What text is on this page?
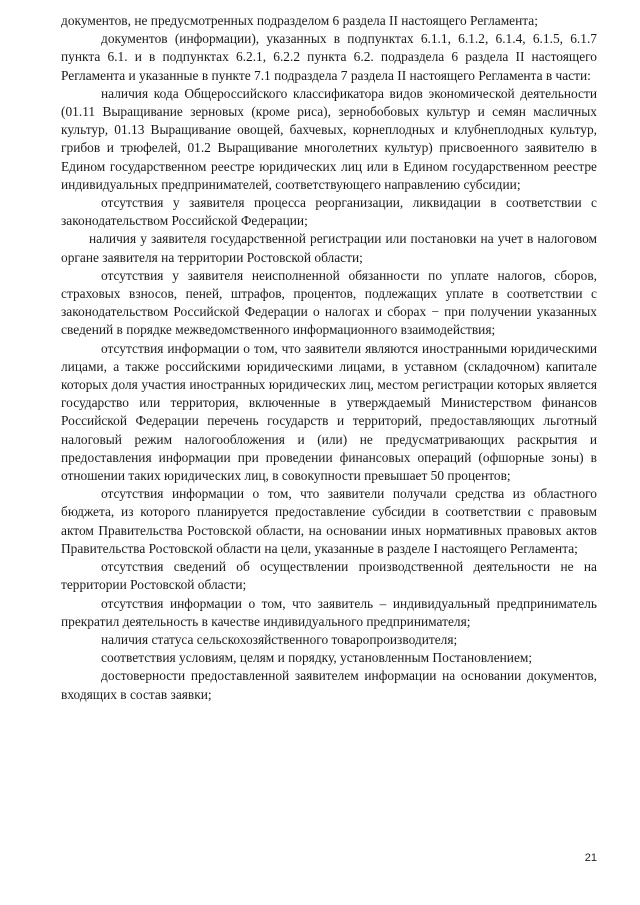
документов, не предусмотренных подразделом 6 раздела II настоящего Регламента;

документов (информации), указанных в подпунктах 6.1.1, 6.1.2, 6.1.4, 6.1.5, 6.1.7 пункта 6.1. и в подпунктах 6.2.1, 6.2.2 пункта 6.2. подраздела 6 раздела II настоящего Регламента и указанные в пункте 7.1 подраздела 7 раздела II настоящего Регламента в части:

наличия кода Общероссийского классификатора видов экономической деятельности (01.11 Выращивание зерновых (кроме риса), зернобобовых культур и семян масличных культур, 01.13 Выращивание овощей, бахчевых, корнеплодных и клубнеплодных культур, грибов и трюфелей, 01.2 Выращивание многолетних культур) присвоенного заявителю в Едином государственном реестре юридических лиц или в Едином государственном реестре индивидуальных предпринимателей, соответствующего направлению субсидии;

отсутствия у заявителя процесса реорганизации, ликвидации в соответствии с законодательством Российской Федерации;

наличия у заявителя государственной регистрации или постановки на учет в налоговом органе заявителя на территории Ростовской области;

отсутствия у заявителя неисполненной обязанности по уплате налогов, сборов, страховых взносов, пеней, штрафов, процентов, подлежащих уплате в соответствии с законодательством Российской Федерации о налогах и сборах − при получении указанных сведений в порядке межведомственного информационного взаимодействия;

отсутствия информации о том, что заявители являются иностранными юридическими лицами, а также российскими юридическими лицами, в уставном (складочном) капитале которых доля участия иностранных юридических лиц, местом регистрации которых является государство или территория, включенные в утверждаемый Министерством финансов Российской Федерации перечень государств и территорий, предоставляющих льготный налоговый режим налогообложения и (или) не предусматривающих раскрытия и предоставления информации при проведении финансовых операций (офшорные зоны) в отношении таких юридических лиц, в совокупности превышает 50 процентов;

отсутствия информации о том, что заявители получали средства из областного бюджета, из которого планируется предоставление субсидии в соответствии с правовым актом Правительства Ростовской области, на основании иных нормативных правовых актов Правительства Ростовской области на цели, указанные в разделе I настоящего Регламента;

отсутствия сведений об осуществлении производственной деятельности не на территории Ростовской области;

отсутствия информации о том, что заявитель – индивидуальный предприниматель прекратил деятельность в качестве индивидуального предпринимателя;

наличия статуса сельскохозяйственного товаропроизводителя;

соответствия условиям, целям и порядку, установленным Постановлением;

достоверности предоставленной заявителем информации на основании документов, входящих в состав заявки;

21
